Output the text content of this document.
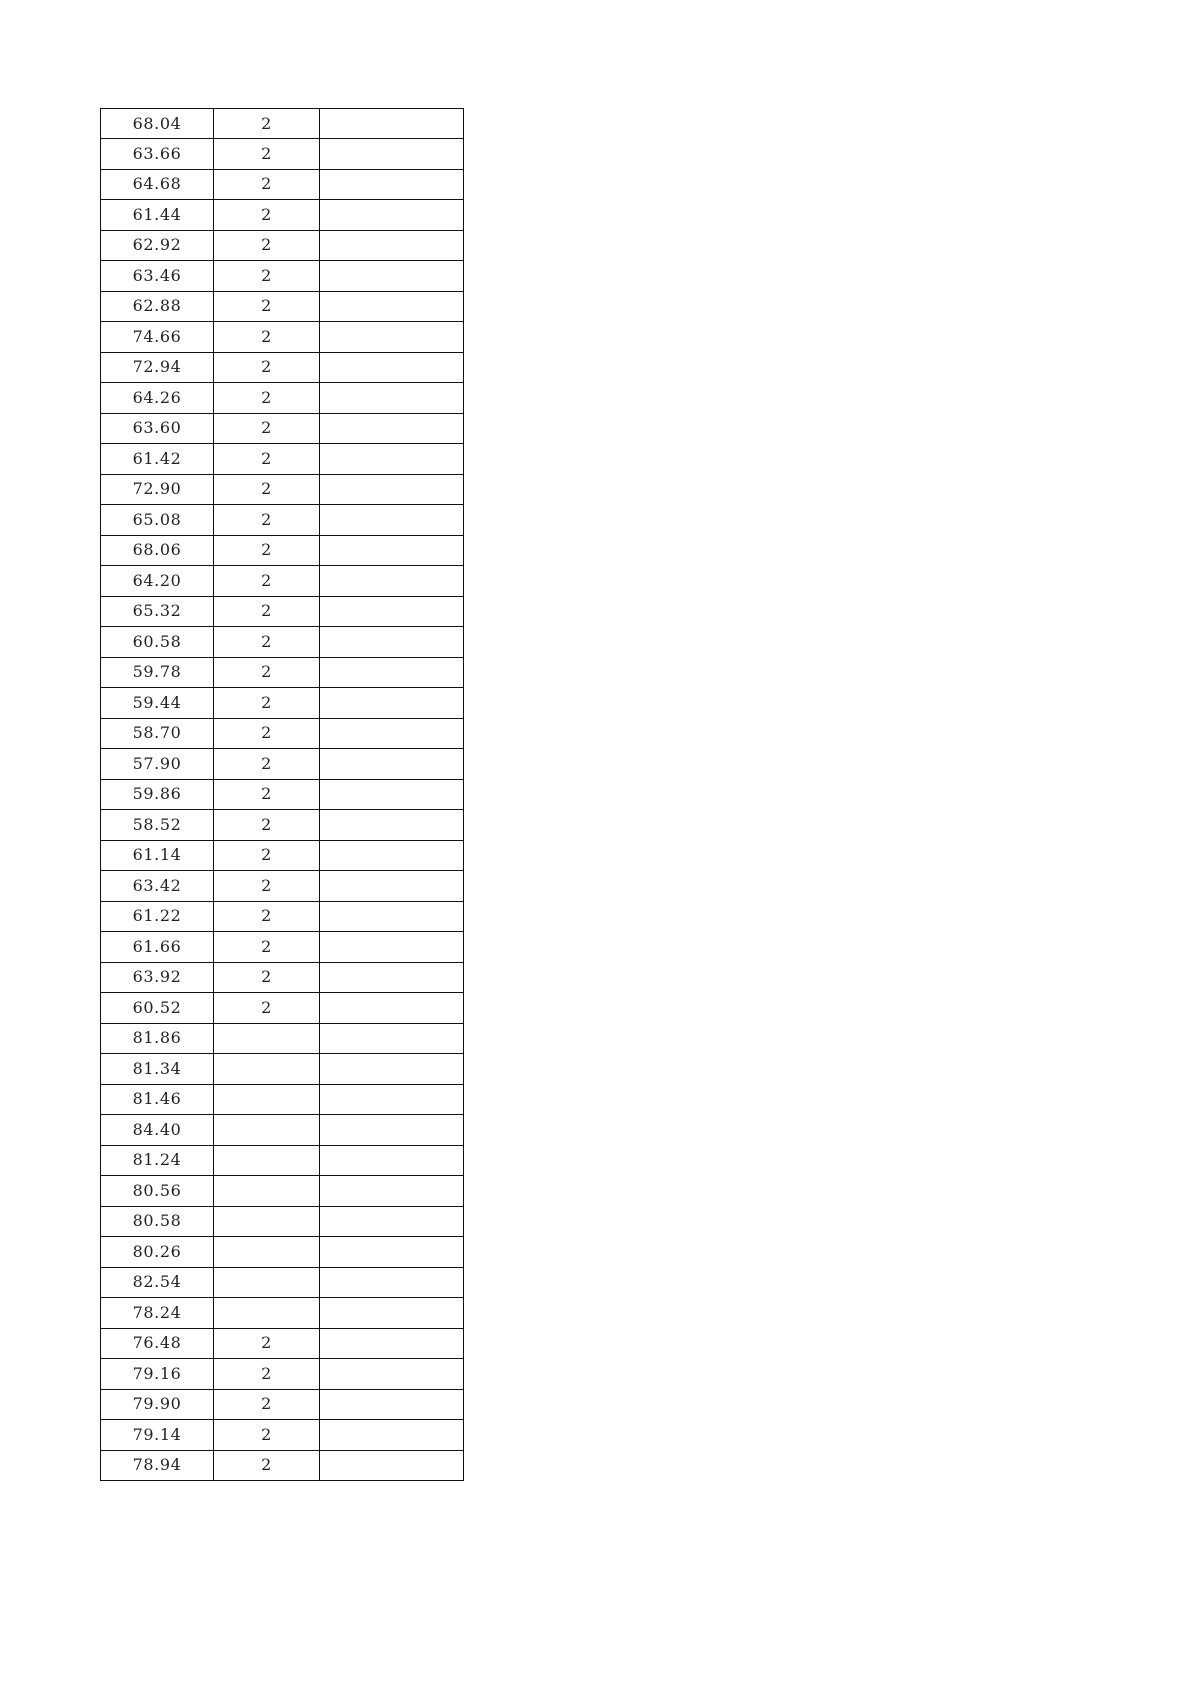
68.04	2	
63.66	2	
64.68	2	
61.44	2	
62.92	2	
63.46	2	
62.88	2	
74.66	2	
72.94	2	
64.26	2	
63.60	2	
61.42	2	
72.90	2	
65.08	2	
68.06	2	
64.20	2	
65.32	2	
60.58	2	
59.78	2	
59.44	2	
58.70	2	
57.90	2	
59.86	2	
58.52	2	
61.14	2	
63.42	2	
61.22	2	
61.66	2	
63.92	2	
60.52	2	
81.86		
81.34		
81.46		
84.40		
81.24		
80.56		
80.58		
80.26		
82.54		
78.24		
76.48	2	
79.16	2	
79.90	2	
79.14	2	
78.94	2	
